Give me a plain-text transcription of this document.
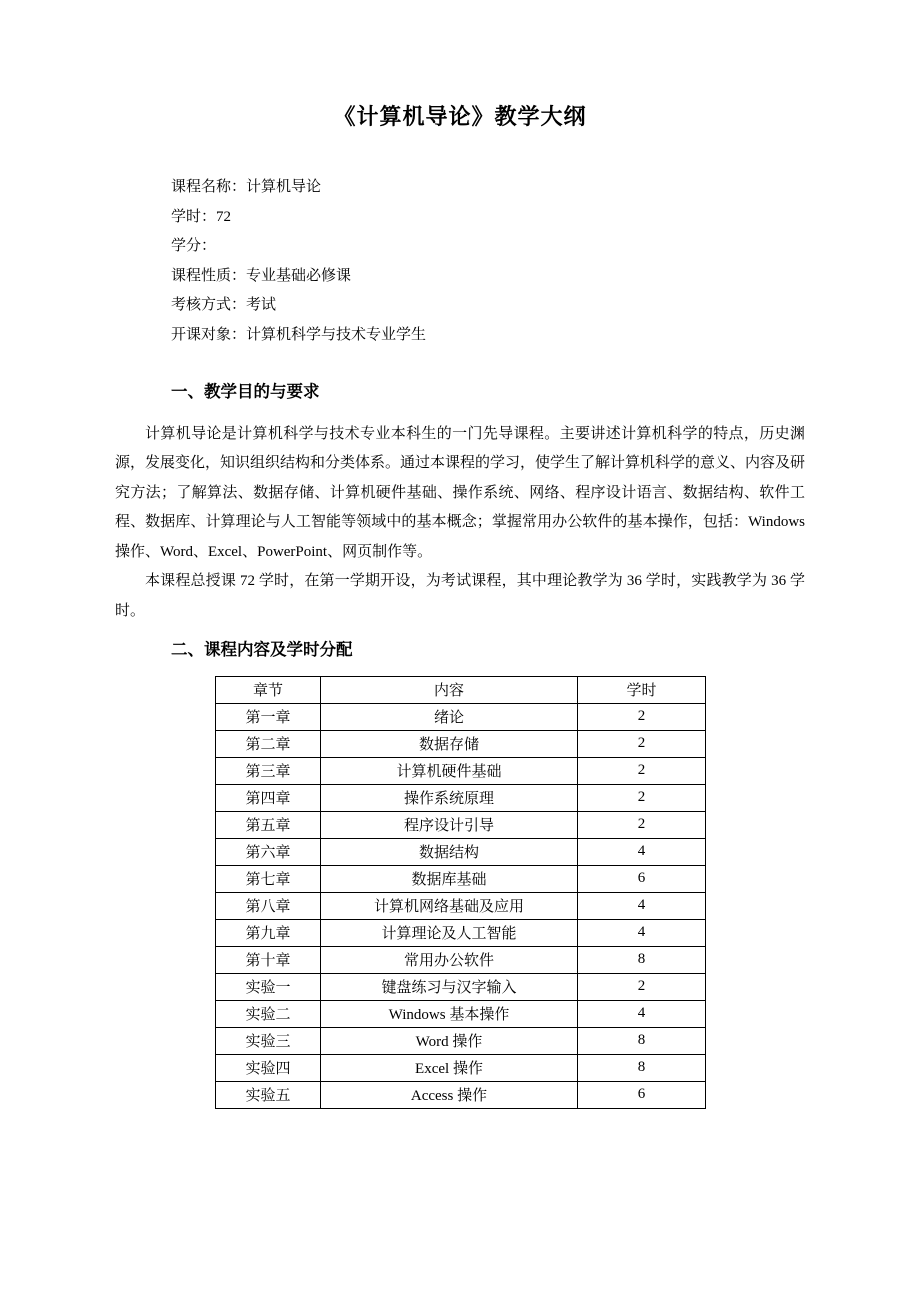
《计算机导论》教学大纲

课程名称：计算机导论

学时：72

学分：

课程性质：专业基础必修课

考核方式：考试

开课对象：计算机科学与技术专业学生

一、教学目的与要求

计算机导论是计算机科学与技术专业本科生的一门先导课程。主要讲述计算机科学的特点，历史渊源，发展变化，知识组织结构和分类体系。通过本课程的学习，使学生了解计算机科学的意义、内容及研究方法；了解算法、数据存储、计算机硬件基础、操作系统、网络、程序设计语言、数据结构、软件工程、数据库、计算理论与人工智能等领域中的基本概念；掌握常用办公软件的基本操作，包括：Windows 操作、Word、Excel、PowerPoint、网页制作等。

本课程总授课 72 学时，在第一学期开设，为考试课程，其中理论教学为 36 学时，实践教学为 36 学时。

二、课程内容及学时分配
章节	内容	学时
第一章	绪论	2
第二章	数据存储	2
第三章	计算机硬件基础	2
第四章	操作系统原理	2
第五章	程序设计引导	2
第六章	数据结构	4
第七章	数据库基础	6
第八章	计算机网络基础及应用	4
第九章	计算理论及人工智能	4
第十章	常用办公软件	8
实验一	键盘练习与汉字输入	2
实验二	Windows 基本操作	4
实验三	Word 操作	8
实验四	Excel 操作	8
实验五	Access 操作	6
